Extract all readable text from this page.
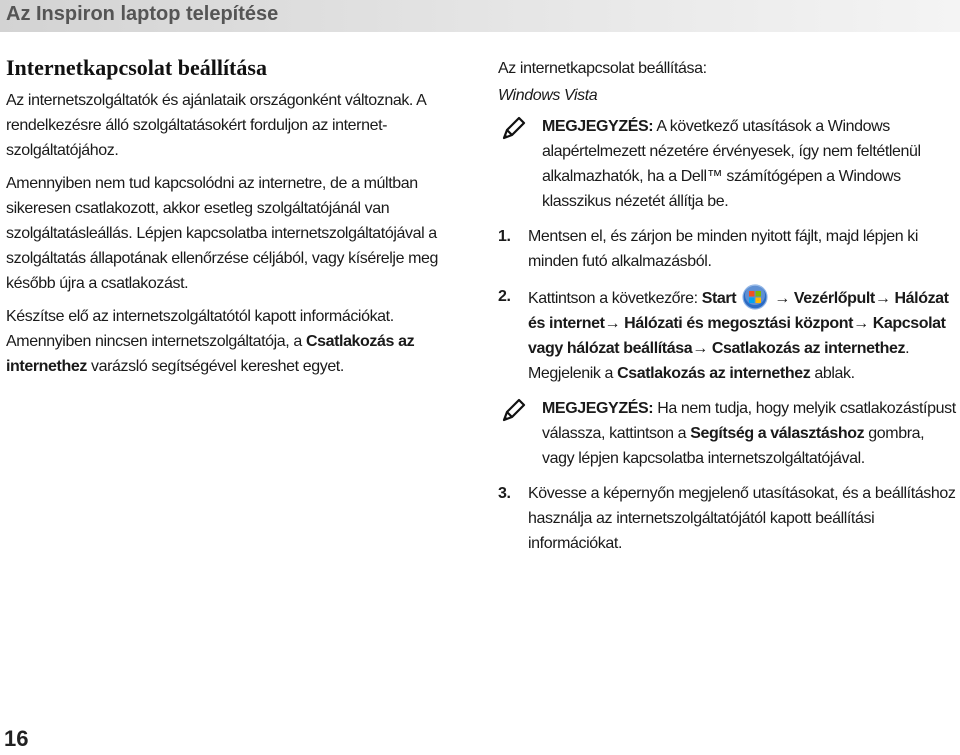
Az Inspiron laptop telepítése
Internetkapcsolat beállítása

Az internetszolgáltatók és ajánlataik országonként változnak. A rendelkezésre álló szolgáltatásokért forduljon az internet-szolgáltatójához.

Amennyiben nem tud kapcsolódni az internetre, de a múltban sikeresen csatlakozott, akkor esetleg szolgáltatójánál van szolgáltatásleállás. Lépjen kapcsolatba internetszolgáltatójával a szolgáltatás állapotának ellenőrzése céljából, vagy kísérelje meg később újra a csatlakozást.

Készítse elő az internetszolgáltatótól kapott információkat.

Amennyiben nincsen internetszolgáltatója, a Csatlakozás az internethez varázsló segítségével kereshet egyet.

Az internetkapcsolat beállítása:

Windows Vista

MEGJEGYZÉS: A következő utasítások a Windows alapértelmezett nézetére érvényesek, így nem feltétlenül alkalmazhatók, ha a Dell™ számítógépen a Windows klasszikus nézetét állítja be.
1. Mentsen el, és zárjon be minden nyitott fájlt, majd lépjen ki minden futó alkalmazásból.
2. Kattintson a következőre: Start → Vezérlőpult→ Hálózat és internet→ Hálózati és megosztási központ→ Kapcsolat vagy hálózat beállítása→ Csatlakozás az internethez.
Megjelenik a Csatlakozás az internethez ablak.
MEGJEGYZÉS: Ha nem tudja, hogy melyik csatlakozástípust válassza, kattintson a Segítség a választáshoz gombra, vagy lépjen kapcsolatba internetszolgáltatójával.
3. Kövesse a képernyőn megjelenő utasításokat, és a beállításhoz használja az internetszolgáltatójától kapott beállítási információkat.
16
